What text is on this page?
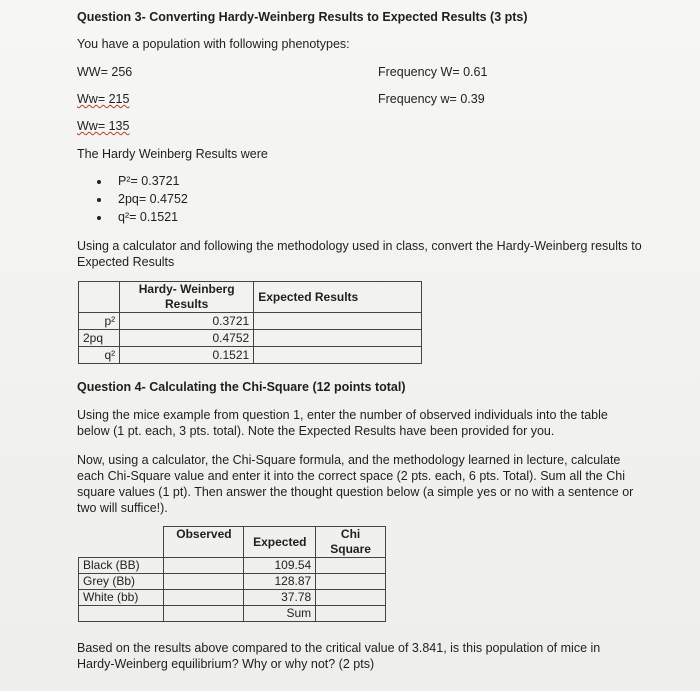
Question 3- Converting Hardy-Weinberg Results to Expected Results (3 pts)
You have a population with following phenotypes:
WW= 256	Frequency W= 0.61
Ww= 215	Frequency w= 0.39
Ww= 135
The Hardy Weinberg Results were
P²= 0.3721
2pq= 0.4752
q²= 0.1521
Using a calculator and following the methodology used in class, convert the Hardy-Weinberg results to Expected Results
	Hardy- Weinberg Results	Expected Results
p²	0.3721	
2pq	0.4752	
q²	0.1521	
Question 4- Calculating the Chi-Square (12 points total)
Using the mice example from question 1, enter the number of observed individuals into the table below (1 pt. each, 3 pts. total). Note the Expected Results have been provided for you.
Now, using a calculator, the Chi-Square formula, and the methodology learned in lecture, calculate each Chi-Square value and enter it into the correct space (2 pts. each, 6 pts. Total). Sum all the Chi square values (1 pt). Then answer the thought question below (a simple yes or no with a sentence or two will suffice!).
	Observed	Expected	Chi Square
Black (BB)		109.54	
Grey (Bb)		128.87	
White (bb)		37.78	
		Sum	
Based on the results above compared to the critical value of 3.841, is this population of mice in Hardy-Weinberg equilibrium? Why or why not? (2 pts)
